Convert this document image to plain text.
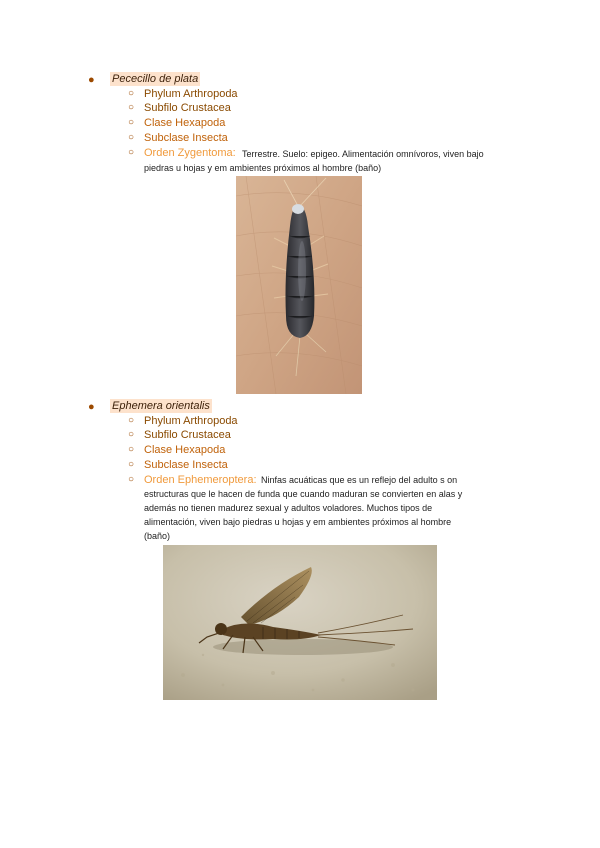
● Pececillo de plata
○ Phylum Arthropoda
○ Subfilo Crustacea
○ Clase Hexapoda
○ Subclase Insecta
○ Orden Zygentoma: Terrestre. Suelo: epigeo. Alimentación omnívoros, viven bajo
piedras u hojas y em ambientes próximos al hombre (baño)
● Ephemera orientalis
○ Phylum Arthropoda
○ Subfilo Crustacea
○ Clase Hexapoda
○ Subclase Insecta
○ Orden Ephemeroptera: Ninfas acuáticas que es un reflejo del adulto s on
estructuras que le hacen de funda que cuando maduran se convierten en alas y
además no tienen madurez sexual y adultos voladores. Muchos tipos de
alimentación, viven bajo piedras u hojas y em ambientes próximos al hombre
(baño)
